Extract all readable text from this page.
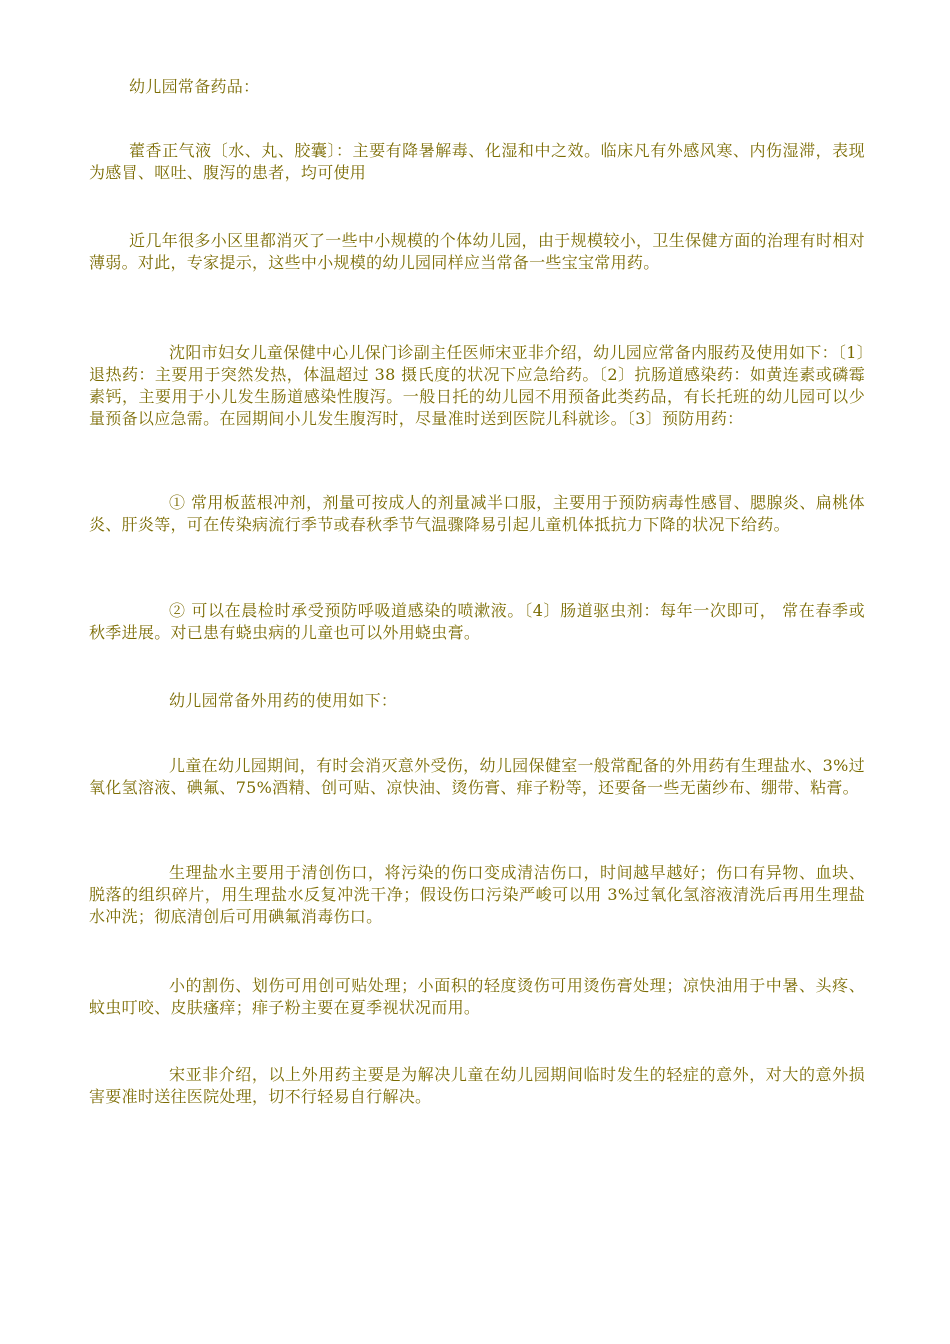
幼儿园常备药品：

藿香正气液〔水、丸、胶囊〕：主要有降暑解毒、化湿和中之效。临床凡有外感风寒、内伤湿滞，表现为感冒、呕吐、腹泻的患者，均可使用

近几年很多小区里都消灭了一些中小规模的个体幼儿园，由于规模较小，卫生保健方面的治理有时相对薄弱。对此，专家提示，这些中小规模的幼儿园同样应当常备一些宝宝常用药。

沈阳市妇女儿童保健中心儿保门诊副主任医师宋亚非介绍，幼儿园应常备内服药及使用如下：〔1〕退热药：主要用于突然发热，体温超过 38 摄氏度的状况下应急给药。〔2〕抗肠道感染药：如黄连素或磷霉素钙，主要用于小儿发生肠道感染性腹泻。一般日托的幼儿园不用预备此类药品，有长托班的幼儿园可以少量预备以应急需。在园期间小儿发生腹泻时，尽量准时送到医院儿科就诊。〔3〕预防用药：

① 常用板蓝根冲剂，剂量可按成人的剂量减半口服，主要用于预防病毒性感冒、腮腺炎、扁桃体炎、肝炎等，可在传染病流行季节或春秋季节气温骤降易引起儿童机体抵抗力下降的状况下给药。

② 可以在晨检时承受预防呼吸道感染的喷漱液。〔4〕肠道驱虫剂：每年一次即可， 常在春季或秋季进展。对已患有蛲虫病的儿童也可以外用蛲虫膏。

幼儿园常备外用药的使用如下：

儿童在幼儿园期间，有时会消灭意外受伤，幼儿园保健室一般常配备的外用药有生理盐水、3%过氧化氢溶液、碘氟、75%酒精、创可贴、凉快油、烫伤膏、痱子粉等，还要备一些无菌纱布、绷带、粘膏。

生理盐水主要用于清创伤口，将污染的伤口变成清洁伤口，时间越早越好；伤口有异物、血块、脱落的组织碎片，用生理盐水反复冲洗干净；假设伤口污染严峻可以用 3%过氧化氢溶液清洗后再用生理盐水冲洗；彻底清创后可用碘氟消毒伤口。

小的割伤、划伤可用创可贴处理；小面积的轻度烫伤可用烫伤膏处理；凉快油用于中暑、头疼、蚊虫叮咬、皮肤瘙痒；痱子粉主要在夏季视状况而用。

宋亚非介绍，以上外用药主要是为解决儿童在幼儿园期间临时发生的轻症的意外，对大的意外损害要准时送往医院处理，切不行轻易自行解决。
